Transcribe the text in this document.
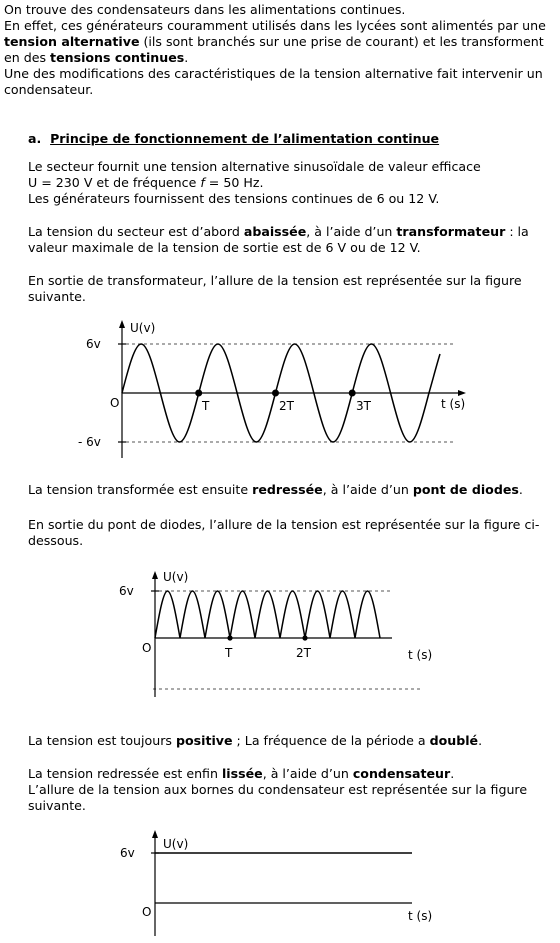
On trouve des condensateurs dans les alimentations continues.

En effet, ces générateurs couramment utilisés dans les lycées sont alimentés par une tension alternative (ils sont branchés sur une prise de courant) et les transforment en des tensions continues.

Une des modifications des caractéristiques de la tension alternative fait intervenir un condensateur.

a. Principe de fonctionnement de l’alimentation continue

Le secteur fournit une tension alternative sinusoïdale de valeur efficace
U = 230 V et de fréquence f = 50 Hz.
Les générateurs fournissent des tensions continues de 6 ou 12 V.

La tension du secteur est d’abord abaissée, à l’aide d’un transformateur : la valeur maximale de la tension de sortie est de 6 V ou de 12 V.

En sortie de transformateur, l’allure de la tension est représentée sur la figure suivante.

U(v)
6v
- 6v
O	T	2T	3T	t (s)

La tension transformée est ensuite redressée, à l’aide d’un pont de diodes.

En sortie du pont de diodes, l’allure de la tension est représentée sur la figure ci-dessous.

U(v)
6v
O	T	2T	t (s)

La tension est toujours positive ; La fréquence de la période a doublé.

La tension redressée est enfin lissée, à l’aide d’un condensateur.
L’allure de la tension aux bornes du condensateur est représentée sur la figure suivante.

U(v)
6v
O	t (s)
